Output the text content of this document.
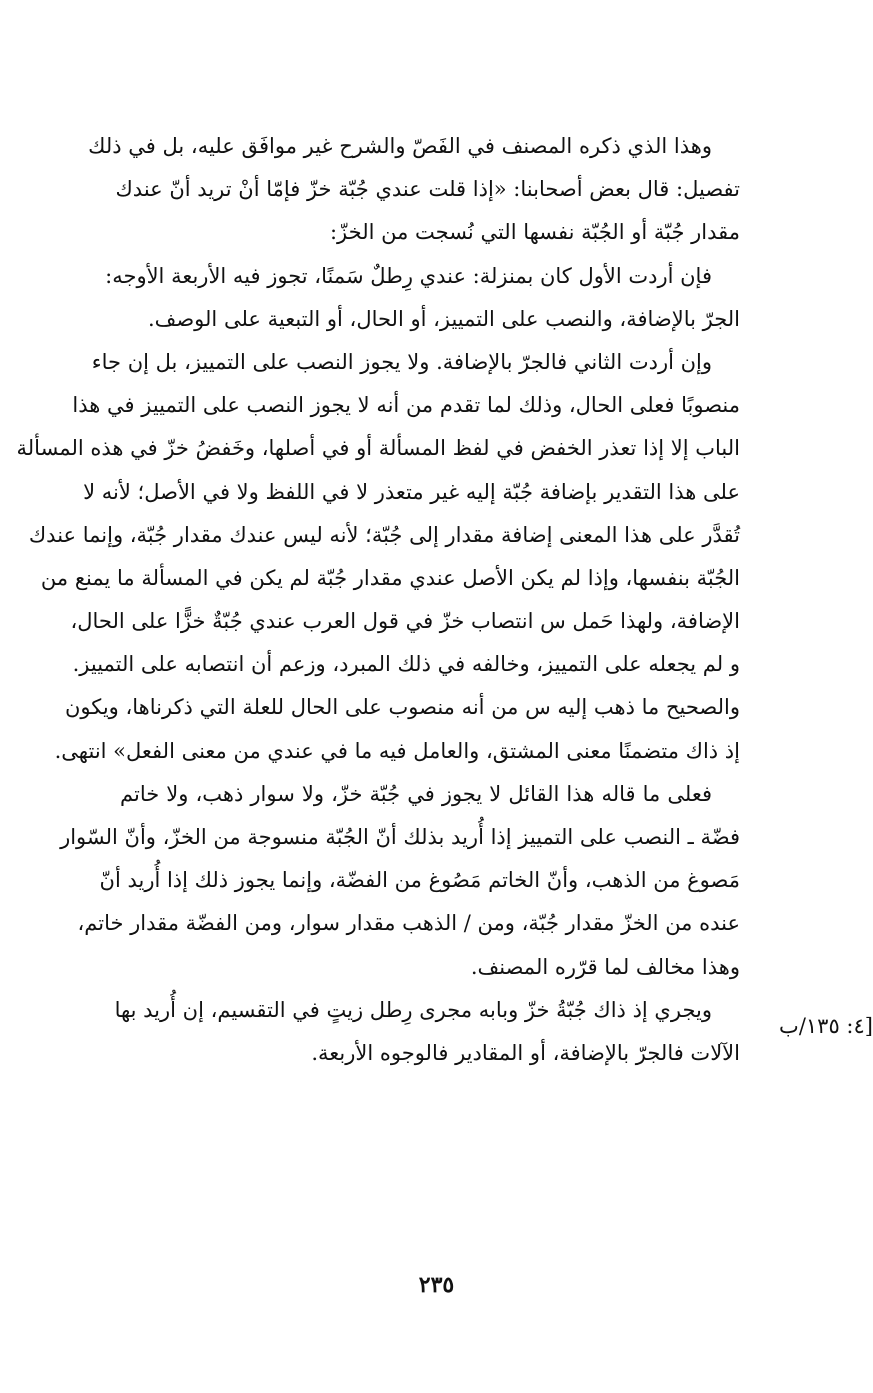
وهذا الذي ذكره المصنف في الفَصّ والشرح غير موافَق عليه، بل في ذلك
تفصيل: قال بعض أصحابنا: «إذا قلت عندي جُبّة خزّ فإمّا أنْ تريد أنّ عندك
مقدار جُبّة أو الجُبّة نفسها التي نُسجت من الخزّ:
فإن أردت الأول كان بمنزلة: عندي رِطلٌ سَمنًا، تجوز فيه الأربعة الأوجه:
الجرّ بالإضافة، والنصب على التمييز، أو الحال، أو التبعية على الوصف.
وإن أردت الثاني فالجرّ بالإضافة. ولا يجوز النصب على التمييز، بل إن جاء
منصوبًا فعلى الحال، وذلك لما تقدم من أنه لا يجوز النصب على التمييز في هذا
الباب إلا إذا تعذر الخفض في لفظ المسألة أو في أصلها، وخَفضُ خزّ في هذه المسألة
على هذا التقدير بإضافة جُبّة إليه غير متعذر لا في اللفظ ولا في الأصل؛ لأنه لا
تُقدَّر على هذا المعنى إضافة مقدار إلى جُبّة؛ لأنه ليس عندك مقدار جُبّة، وإنما عندك
الجُبّة بنفسها، وإذا لم يكن الأصل عندي مقدار جُبّة لم يكن في المسألة ما يمنع من
الإضافة، ولهذا حَمل س انتصاب خزّ في قول العرب عندي جُبّةٌ خزًّا على الحال،
و لم يجعله على التمييز، وخالفه في ذلك المبرد، وزعم أن انتصابه على التمييز.
والصحيح ما ذهب إليه س من أنه منصوب على الحال للعلة التي ذكرناها، ويكون
إذ ذاك متضمنًا معنى المشتق، والعامل فيه ما في عندي من معنى الفعل» انتهى.
فعلى ما قاله هذا القائل لا يجوز في جُبّة خزّ، ولا سوار ذهب، ولا خاتم
فضّة ـ النصب على التمييز إذا أُريد بذلك أنّ الجُبّة منسوجة من الخزّ، وأنّ السّوار
مَصوغ من الذهب، وأنّ الخاتم مَصُوغ من الفضّة، وإنما يجوز ذلك إذا أُريد أنّ
عنده من الخزّ مقدار جُبّة، ومن / الذهب مقدار سوار، ومن الفضّة مقدار خاتم،
وهذا مخالف لما قرّره المصنف.
ويجري إذ ذاك جُبّةُ خزّ وبابه مجرى رِطل زيتٍ في التقسيم، إن أُريد بها
الآلات فالجرّ بالإضافة، أو المقادير فالوجوه الأربعة.
[٤: ١٣٥/ب
٢٣٥
